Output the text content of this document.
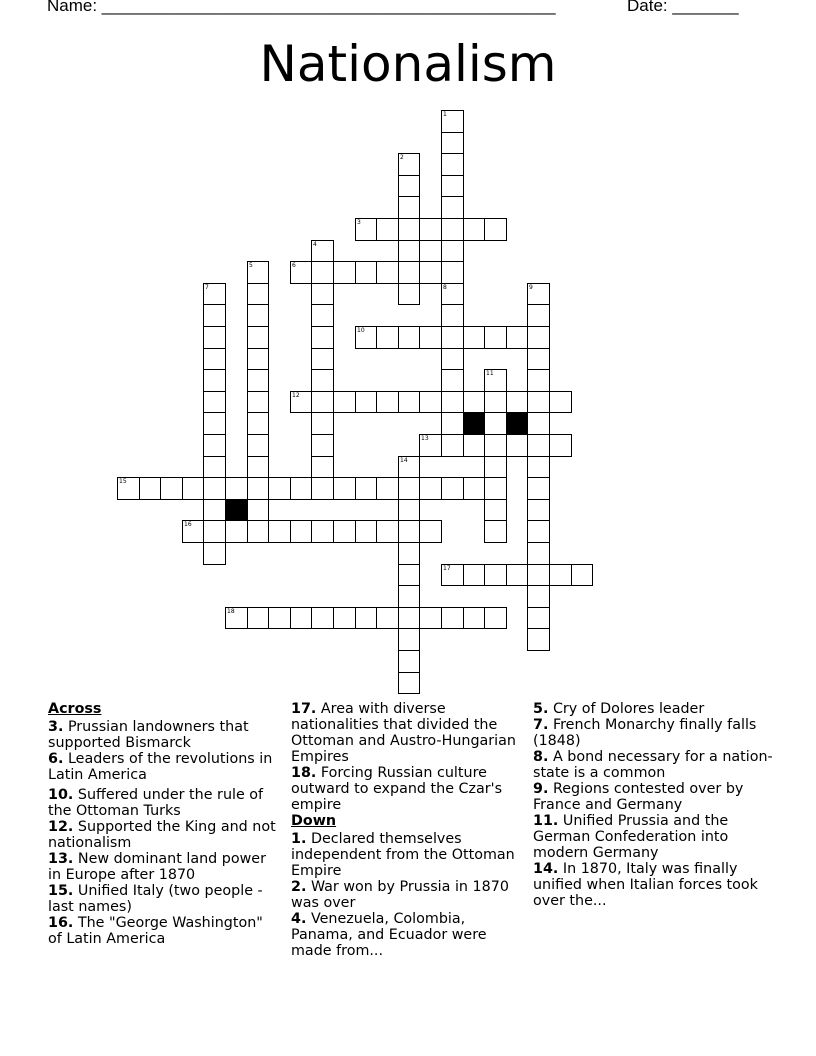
Name: ________________________________________________	Date: _______
Nationalism
3
6
10
12
13
15
16
17
18
1
8
2
4
5
7	9
11
14
Across
3. Prussian landowners that supported Bismarck
6. Leaders of the revolutions in Latin America
10. Suffered under the rule of the Ottoman Turks
12. Supported the King and not nationalism
13. New dominant land power in Europe after 1870
15. Unified Italy (two people - last names)
16. The "George Washington" of Latin America
17. Area with diverse nationalities that divided the Ottoman and Austro-Hungarian Empires
18. Forcing Russian culture outward to expand the Czar's empire
Down
1. Declared themselves independent from the Ottoman Empire
2. War won by Prussia in 1870 was over
4. Venezuela, Colombia, Panama, and Ecuador were made from...
5. Cry of Dolores leader
7. French Monarchy finally falls (1848)
8. A bond necessary for a nation-state is a common
9. Regions contested over by France and Germany
11. Unified Prussia and the German Confederation into modern Germany
14. In 1870, Italy was finally unified when Italian forces took over the...
